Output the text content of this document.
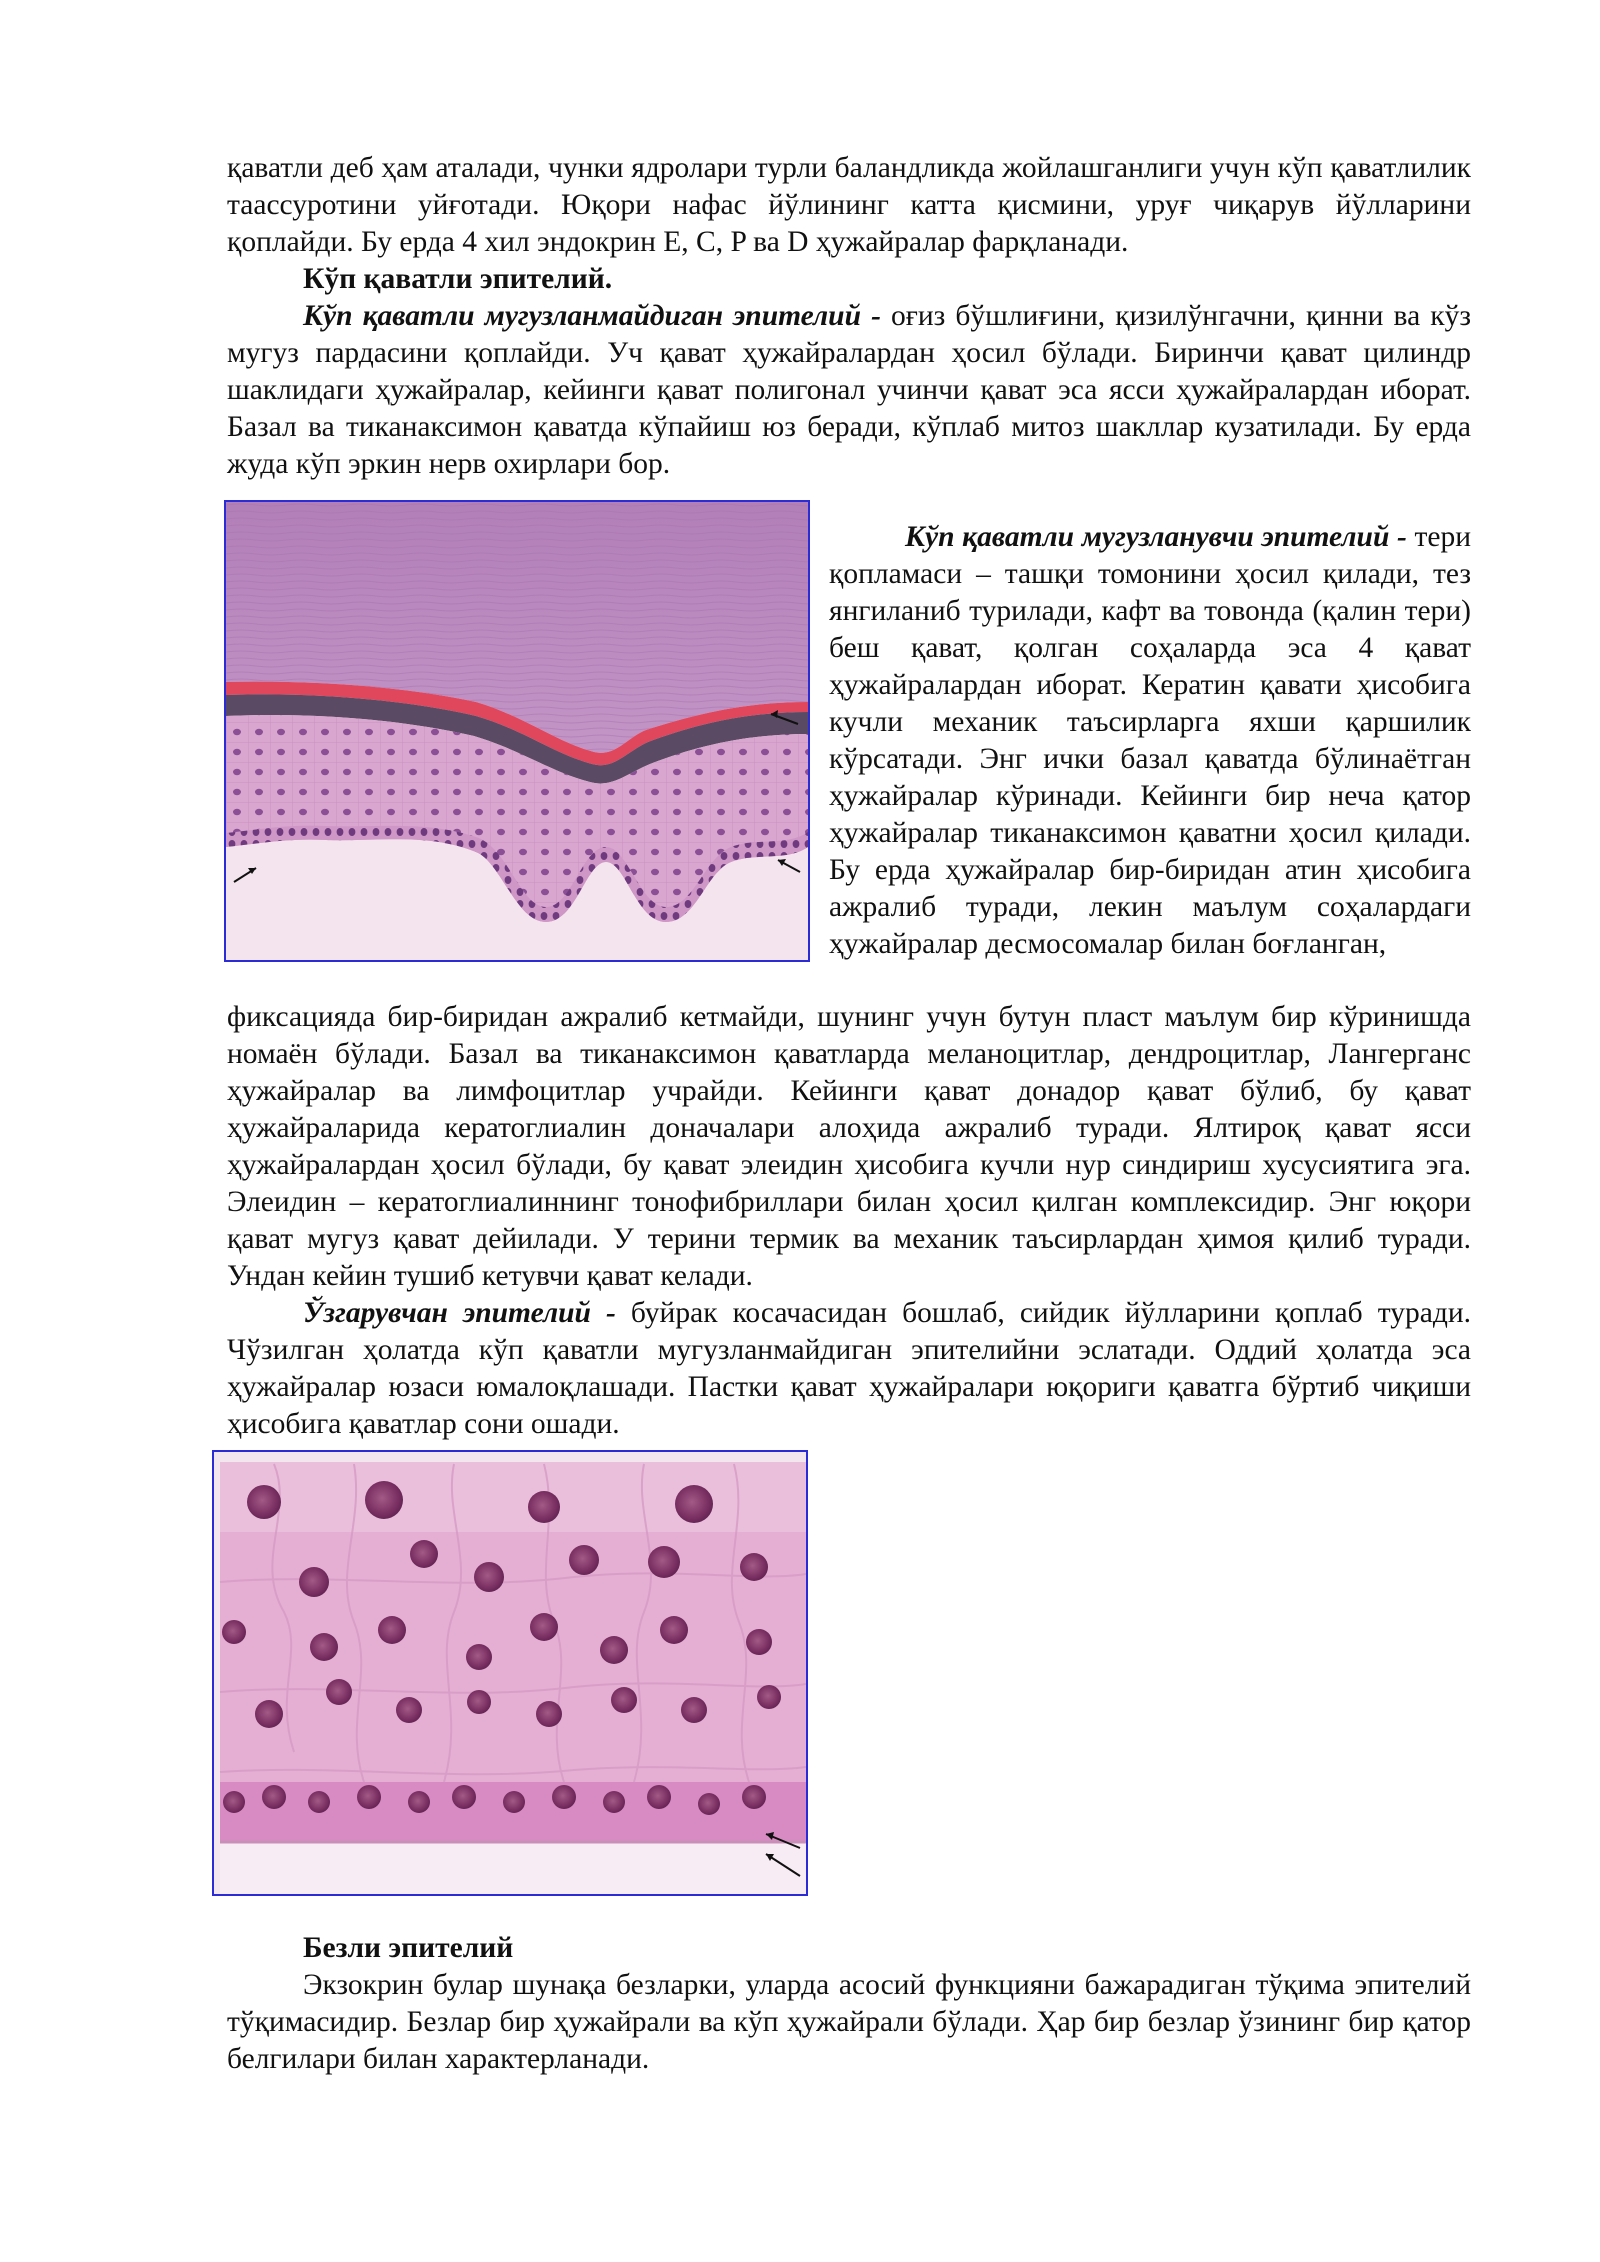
қаватли деб ҳам аталади, чунки ядролари турли баландликда жойлашганлиги учун кўп қаватлилик таассуротини уйғотади. Юқори нафас йўлининг катта қисмини, уруғ чиқарув йўлларини қоплайди. Бу ерда 4 хил эндокрин E, C, P ва D ҳужайралар фарқланади.

Кўп қаватли эпителий.

Кўп қаватли мугузланмайдиган эпителий - оғиз бўшлиғини, қизилўнгачни, қинни ва кўз мугуз пардасини қоплайди. Уч қават ҳужайралардан ҳосил бўлади. Биринчи қават цилиндр шаклидаги ҳужайралар, кейинги қават полигонал учинчи қават эса ясси ҳужайралардан иборат. Базал ва тиканаксимон қаватда кўпайиш юз беради, кўплаб митоз шакллар кузатилади. Бу ерда жуда кўп эркин нерв охирлари бор.

Кўп қаватли мугузланувчи эпителий - тери қопламаси – ташқи томонини ҳосил қилади, тез янгиланиб турилади, кафт ва товонда (қалин тери) беш қават, қолган соҳаларда эса 4 қават ҳужайралардан иборат. Кератин қавати ҳисобига кучли механик таъсирларга яхши қаршилик кўрсатади. Энг ички базал қаватда бўлинаётган ҳужайралар кўринади. Кейинги бир неча қатор ҳужайралар тиканаксимон қаватни ҳосил қилади. Бу ерда ҳужайралар бир-биридан атин ҳисобига ажралиб туради, лекин маълум соҳалардаги ҳужайралар десмосомалар билан боғланган,

фиксацияда бир-биридан ажралиб кетмайди, шунинг учун бутун пласт маълум бир кўринишда номаён бўлади. Базал ва тиканаксимон қаватларда меланоцитлар, дендроцитлар, Лангерганс ҳужайралар ва лимфоцитлар учрайди. Кейинги қават донадор қават бўлиб, бу қават ҳужайраларида кератоглиалин доначалари алоҳида ажралиб туради. Ялтироқ қават ясси ҳужайралардан ҳосил бўлади, бу қават элеидин ҳисобига кучли нур синдириш хусусиятига эга. Элеидин – кератоглиалиннинг тонофибриллари билан ҳосил қилган комплексидир. Энг юқори қават мугуз қават дейилади. У терини термик ва механик таъсирлардан ҳимоя қилиб туради. Ундан кейин тушиб кетувчи қават келади.

Ўзгарувчан эпителий - буйрак косачасидан бошлаб, сийдик йўлларини қоплаб туради. Чўзилган ҳолатда кўп қаватли мугузланмайдиган эпителийни эслатади. Оддий ҳолатда эса ҳужайралар юзаси юмалоқлашади. Пастки қават ҳужайралари юқориги қаватга бўртиб чиқиши ҳисобига қаватлар сони ошади.

Безли эпителий

Экзокрин булар шунақа безларки, уларда асосий функцияни бажарадиган тўқима эпителий тўқимасидир. Безлар бир ҳужайрали ва кўп ҳужайрали бўлади. Ҳар бир безлар ўзининг бир қатор белгилари билан характерланади.
